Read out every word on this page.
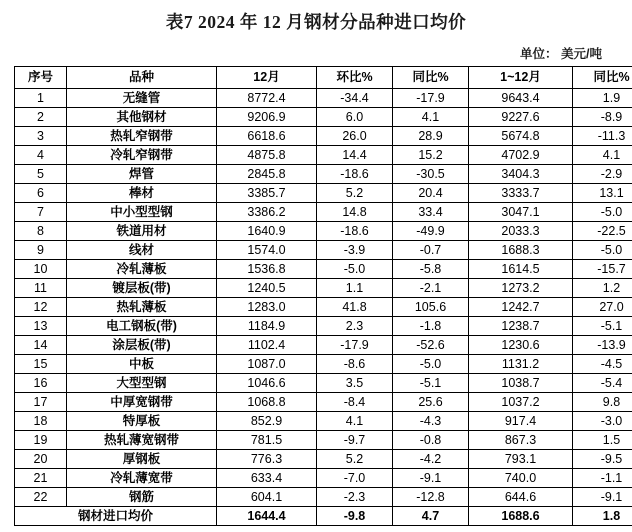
表7 2024 年 12 月钢材分品种进口均价
单位： 美元/吨
序号	品种	12月	环比%	同比%	1~12月	同比%
1	无缝管	8772.4	-34.4	-17.9	9643.4	1.9
2	其他钢材	9206.9	6.0	4.1	9227.6	-8.9
3	热轧窄钢带	6618.6	26.0	28.9	5674.8	-11.3
4	冷轧窄钢带	4875.8	14.4	15.2	4702.9	4.1
5	焊管	2845.8	-18.6	-30.5	3404.3	-2.9
6	棒材	3385.7	5.2	20.4	3333.7	13.1
7	中小型型钢	3386.2	14.8	33.4	3047.1	-5.0
8	铁道用材	1640.9	-18.6	-49.9	2033.3	-22.5
9	线材	1574.0	-3.9	-0.7	1688.3	-5.0
10	冷轧薄板	1536.8	-5.0	-5.8	1614.5	-15.7
11	镀层板(带)	1240.5	1.1	-2.1	1273.2	1.2
12	热轧薄板	1283.0	41.8	105.6	1242.7	27.0
13	电工钢板(带)	1184.9	2.3	-1.8	1238.7	-5.1
14	涂层板(带)	1102.4	-17.9	-52.6	1230.6	-13.9
15	中板	1087.0	-8.6	-5.0	1131.2	-4.5
16	大型型钢	1046.6	3.5	-5.1	1038.7	-5.4
17	中厚宽钢带	1068.8	-8.4	25.6	1037.2	9.8
18	特厚板	852.9	4.1	-4.3	917.4	-3.0
19	热轧薄宽钢带	781.5	-9.7	-0.8	867.3	1.5
20	厚钢板	776.3	5.2	-4.2	793.1	-9.5
21	冷轧薄宽带	633.4	-7.0	-9.1	740.0	-1.1
22	钢筋	604.1	-2.3	-12.8	644.6	-9.1
钢材进口均价		1644.4	-9.8	4.7	1688.6	1.8
